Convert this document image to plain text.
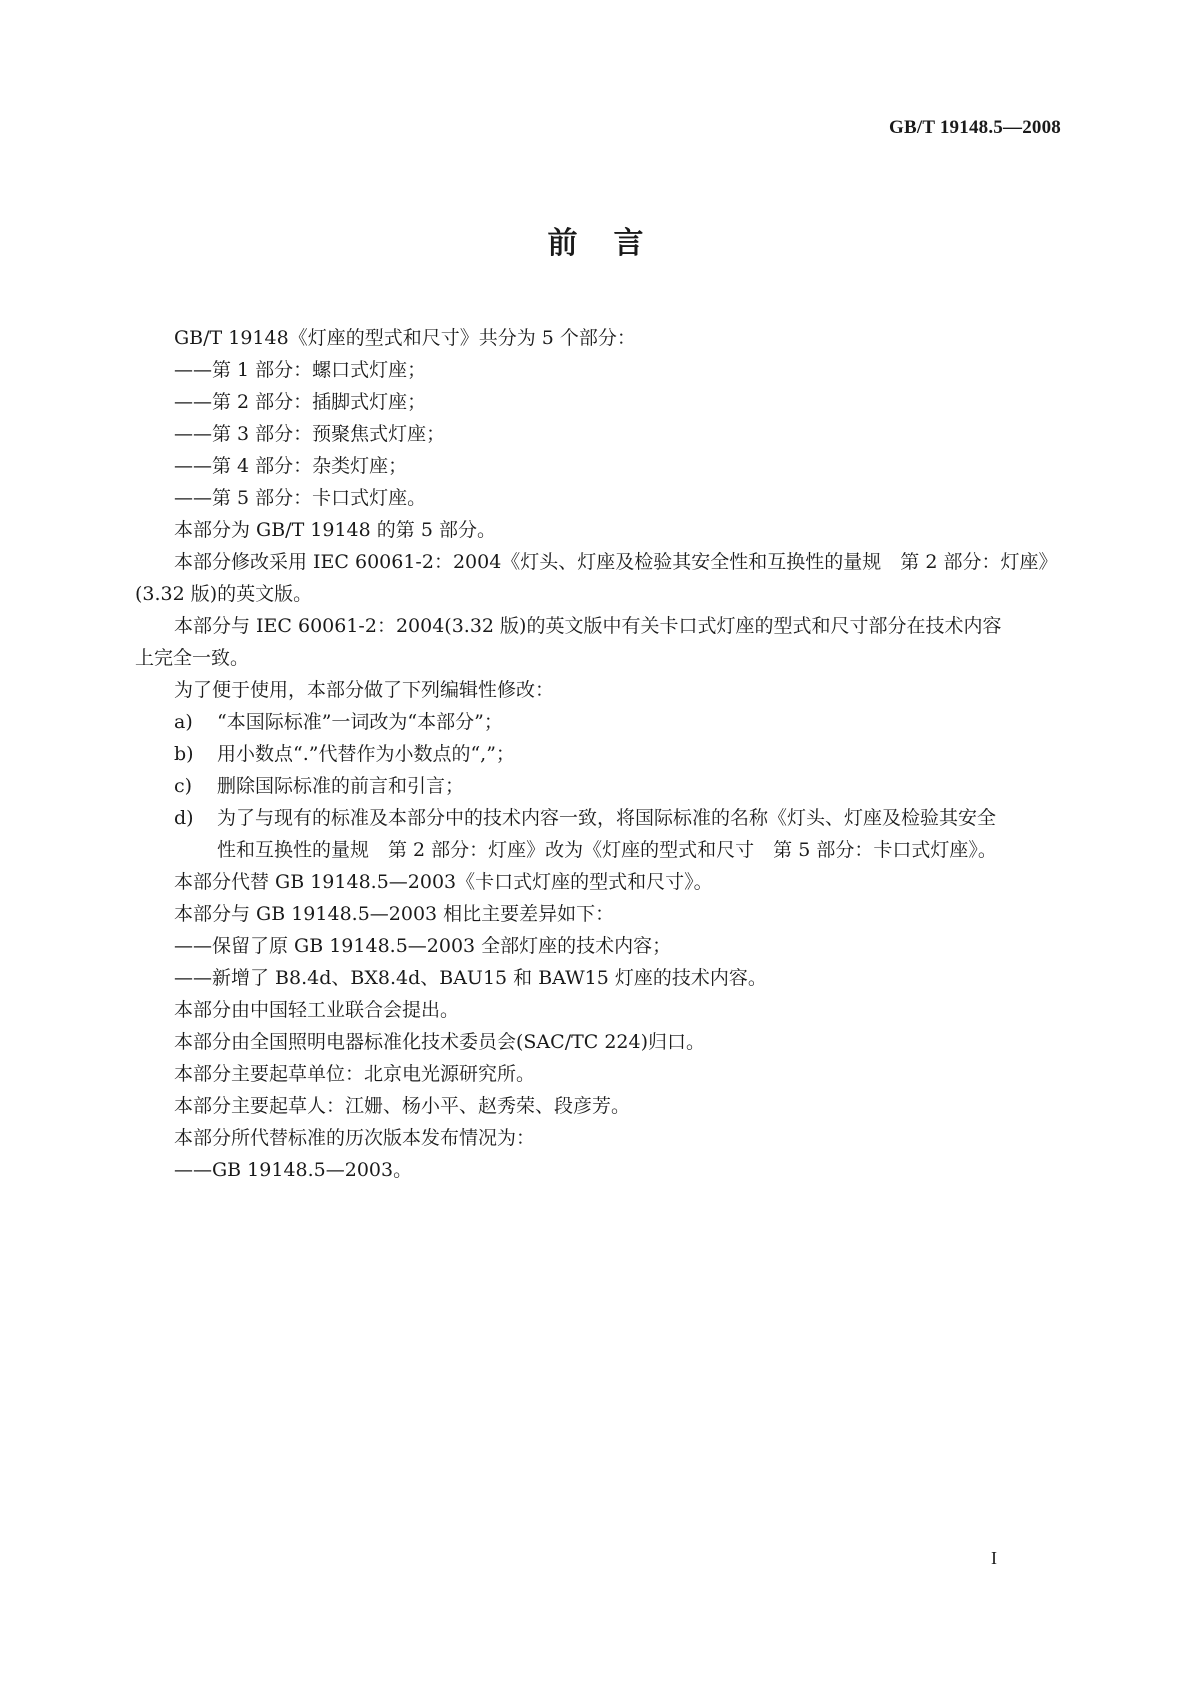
GB/T 19148.5—2008
前言
GB/T 19148《灯座的型式和尺寸》共分为 5 个部分：
——第 1 部分：螺口式灯座；
——第 2 部分：插脚式灯座；
——第 3 部分：预聚焦式灯座；
——第 4 部分：杂类灯座；
——第 5 部分：卡口式灯座。
本部分为 GB/T 19148 的第 5 部分。
本部分修改采用 IEC 60061-2：2004《灯头、灯座及检验其安全性和互换性的量规　第 2 部分：灯座》
(3.32 版)的英文版。
本部分与 IEC 60061-2：2004(3.32 版)的英文版中有关卡口式灯座的型式和尺寸部分在技术内容
上完全一致。
为了便于使用，本部分做了下列编辑性修改：
a)	“本国际标准”一词改为“本部分”；
b)	用小数点“.”代替作为小数点的“,”；
c)	删除国际标准的前言和引言；
d)	为了与现有的标准及本部分中的技术内容一致，将国际标准的名称《灯头、灯座及检验其安全
性和互换性的量规　第 2 部分：灯座》改为《灯座的型式和尺寸　第 5 部分：卡口式灯座》。
本部分代替 GB 19148.5—2003《卡口式灯座的型式和尺寸》。
本部分与 GB 19148.5—2003 相比主要差异如下：
——保留了原 GB 19148.5—2003 全部灯座的技术内容；
——新增了 B8.4d、BX8.4d、BAU15 和 BAW15 灯座的技术内容。
本部分由中国轻工业联合会提出。
本部分由全国照明电器标准化技术委员会(SAC/TC 224)归口。
本部分主要起草单位：北京电光源研究所。
本部分主要起草人：江姗、杨小平、赵秀荣、段彦芳。
本部分所代替标准的历次版本发布情况为：
——GB 19148.5—2003。
I
